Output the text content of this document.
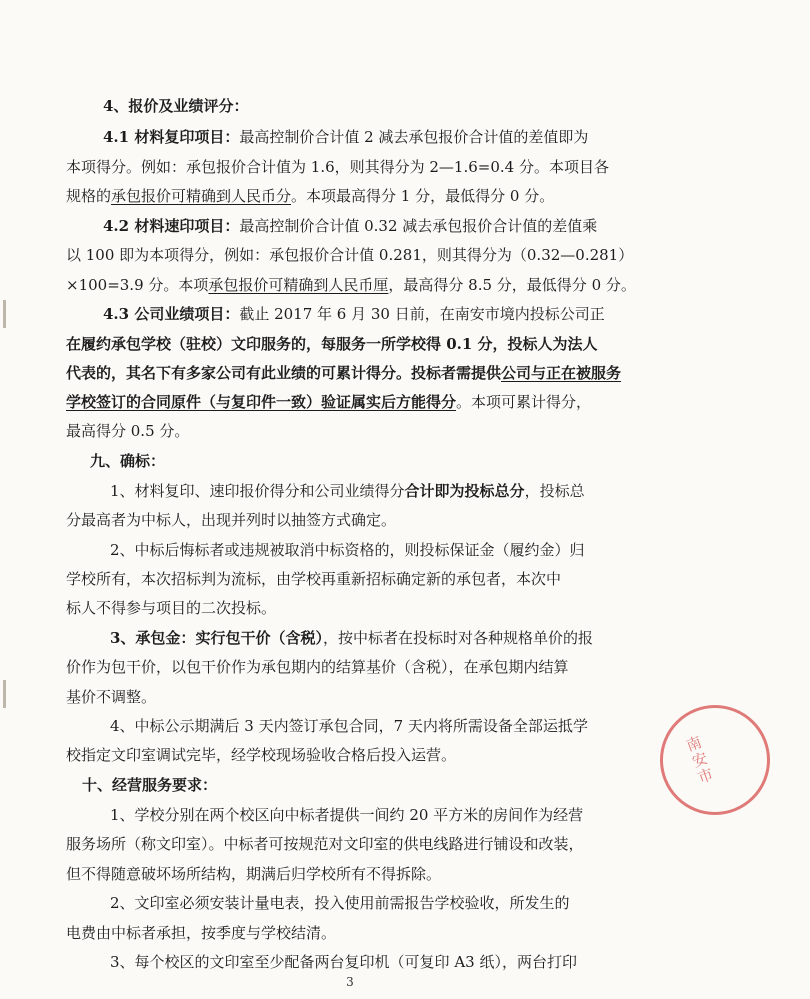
4、报价及业绩评分：
4.1 材料复印项目：最高控制价合计值 2 减去承包报价合计值的差值即为
本项得分。例如：承包报价合计值为 1.6，则其得分为 2—1.6=0.4 分。本项目各
规格的承包报价可精确到人民币分。本项最高得分 1 分，最低得分 0 分。
4.2 材料速印项目：最高控制价合计值 0.32 减去承包报价合计值的差值乘
以 100 即为本项得分，例如：承包报价合计值 0.281，则其得分为（0.32—0.281）
×100=3.9 分。本项承包报价可精确到人民币厘，最高得分 8.5 分，最低得分 0 分。
4.3 公司业绩项目：截止 2017 年 6 月 30 日前，在南安市境内投标公司正
在履约承包学校（驻校）文印服务的，每服务一所学校得 0.1 分，投标人为法人
代表的，其名下有多家公司有此业绩的可累计得分。投标者需提供公司与正在被服务
学校签订的合同原件（与复印件一致）验证属实后方能得分。本项可累计得分，
最高得分 0.5 分。
九、确标：
1、材料复印、速印报价得分和公司业绩得分合计即为投标总分，投标总
分最高者为中标人，出现并列时以抽签方式确定。
2、中标后悔标者或违规被取消中标资格的，则投标保证金（履约金）归
学校所有，本次招标判为流标，由学校再重新招标确定新的承包者，本次中
标人不得参与项目的二次投标。
3、承包金：实行包干价（含税），按中标者在投标时对各种规格单价的报
价作为包干价，以包干价作为承包期内的结算基价（含税），在承包期内结算
基价不调整。
4、中标公示期满后 3 天内签订承包合同，7 天内将所需设备全部运抵学
校指定文印室调试完毕，经学校现场验收合格后投入运营。
十、经营服务要求：
1、学校分别在两个校区向中标者提供一间约 20 平方米的房间作为经营
服务场所（称文印室）。中标者可按规范对文印室的供电线路进行铺设和改装，
但不得随意破坏场所结构，期满后归学校所有不得拆除。
2、文印室必须安装计量电表，投入使用前需报告学校验收，所发生的
电费由中标者承担，按季度与学校结清。
3、每个校区的文印室至少配备两台复印机（可复印 A3 纸），两台打印
3
南安市
